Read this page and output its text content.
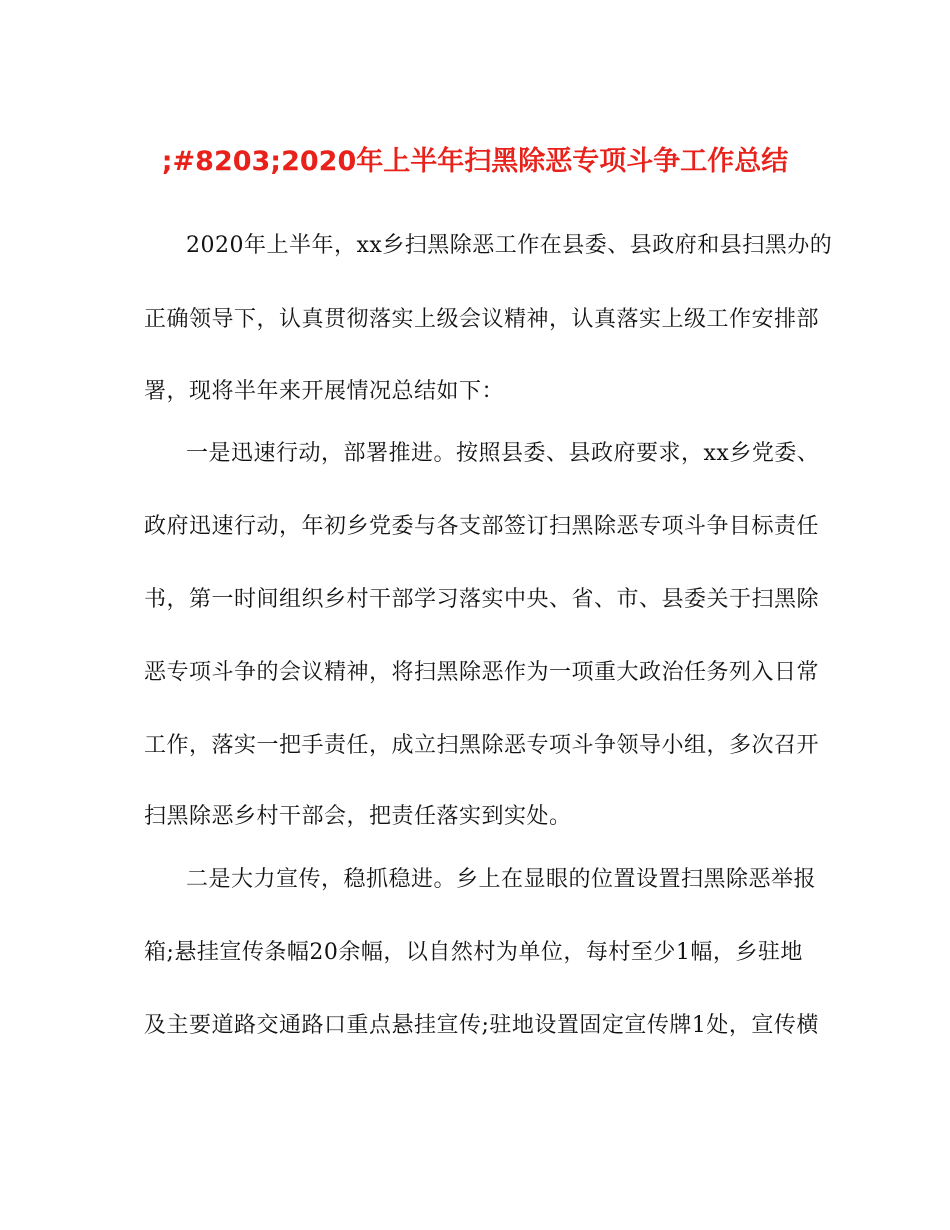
;#8203;2020年上半年扫黑除恶专项斗争工作总结
2020年上半年，xx乡扫黑除恶工作在县委、县政府和县扫黑办的
正确领导下，认真贯彻落实上级会议精神，认真落实上级工作安排部
署，现将半年来开展情况总结如下：
一是迅速行动，部署推进。按照县委、县政府要求，xx乡党委、
政府迅速行动，年初乡党委与各支部签订扫黑除恶专项斗争目标责任
书，第一时间组织乡村干部学习落实中央、省、市、县委关于扫黑除
恶专项斗争的会议精神，将扫黑除恶作为一项重大政治任务列入日常
工作，落实一把手责任，成立扫黑除恶专项斗争领导小组，多次召开
扫黑除恶乡村干部会，把责任落实到实处。
二是大力宣传，稳抓稳进。乡上在显眼的位置设置扫黑除恶举报
箱;悬挂宣传条幅20余幅，以自然村为单位，每村至少1幅，乡驻地
及主要道路交通路口重点悬挂宣传;驻地设置固定宣传牌1处，宣传横
